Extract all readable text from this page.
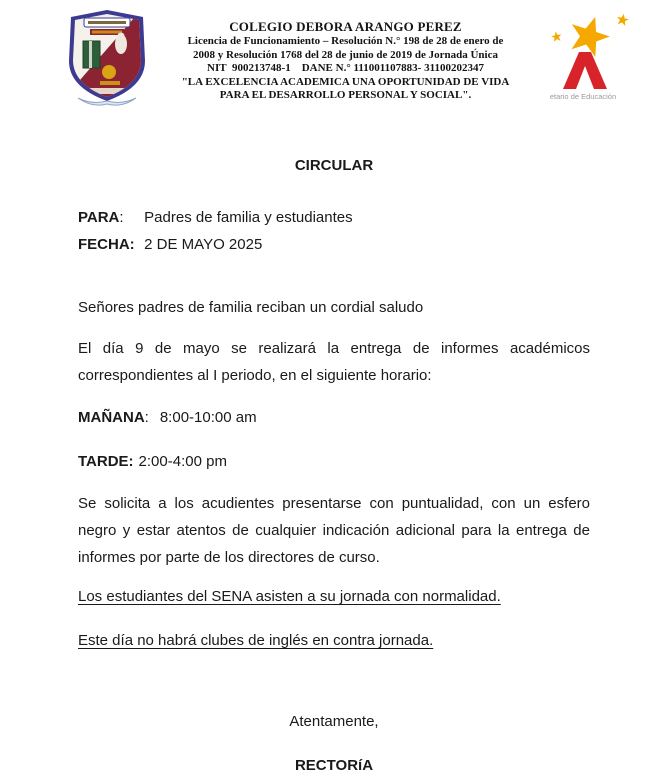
COLEGIO DEBORA ARANGO PEREZ
Licencia de Funcionamiento – Resolución N.° 198 de 28 de enero de
2008 y Resolución 1768 del 28 de junio de 2019 de Jornada Única
NIT  900213748-1    DANE N.° 111001107883- 31100202347
"LA EXCELENCIA ACADEMICA UNA OPORTUNIDAD DE VIDA
PARA EL DESARROLLO PERSONAL Y SOCIAL".	etario de Educación
CIRCULAR
PARA: Padres de familia y estudiantes
FECHA: 2 DE MAYO 2025

Señores padres de familia reciban un cordial saludo

El día 9 de mayo se realizará la entrega de informes académicos correspondientes al I periodo, en el siguiente horario:

MAÑANA: 8:00-10:00 am

TARDE: 2:00-4:00 pm

Se solicita a los acudientes presentarse con puntualidad, con un esfero negro y estar atentos de cualquier indicación adicional para la entrega de informes por parte de los directores de curso.

Los estudiantes del SENA asisten a su jornada con normalidad.

Este día no habrá clubes de inglés en contra jornada.

Atentamente,

RECTORíA
